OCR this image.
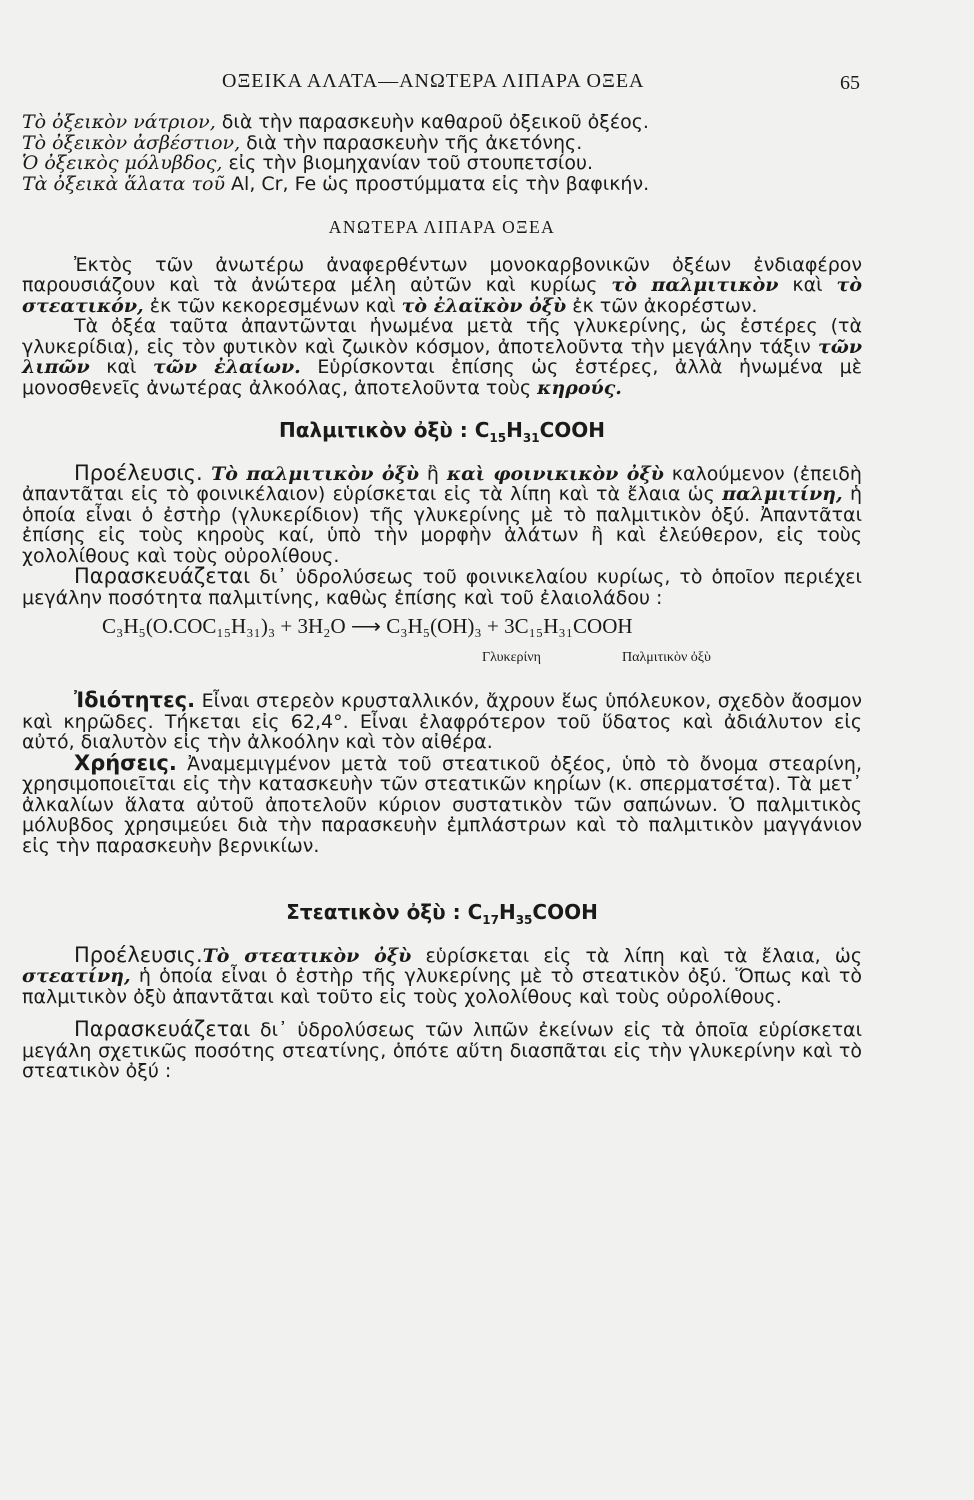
ΟΞΕΙΚΑ ΑΛΑΤΑ—ΑΝΩΤΕΡΑ ΛΙΠΑΡΑ ΟΞΕΑ	65

Τὸ ὀξεικὸν νάτριον, διὰ τὴν παρασκευὴν καθαροῦ ὀξεικοῦ ὀξέος.

Τὸ ὀξεικὸν ἀσβέστιον, διὰ τὴν παρασκευὴν τῆς ἀκετόνης.

Ὁ ὀξεικὸς μόλυβδος, εἰς τὴν βιομηχανίαν τοῦ στουπετσίου.

Τὰ ὀξεικὰ ἅλατα τοῦ Al, Cr, Fe ὡς προστύμματα εἰς τὴν βαφικήν.

ΑΝΩΤΕΡΑ ΛΙΠΑΡΑ ΟΞΕΑ

Ἐκτὸς τῶν ἀνωτέρω ἀναφερθέντων μονοκαρβονικῶν ὀξέων ἐνδιαφέρον παρουσιάζουν καὶ τὰ ἀνώτερα μέλη αὐτῶν καὶ κυρίως τὸ παλμιτικὸν καὶ τὸ στεατικόν, ἐκ τῶν κεκορεσμένων καὶ τὸ ἐλαϊκὸν ὀξὺ ἐκ τῶν ἀκορέστων.

Τὰ ὀξέα ταῦτα ἀπαντῶνται ἡνωμένα μετὰ τῆς γλυκερίνης, ὡς ἐστέρες (τὰ γλυκερίδια), εἰς τὸν φυτικὸν καὶ ζωικὸν κόσμον, ἀποτελοῦντα τὴν μεγάλην τάξιν τῶν λιπῶν καὶ τῶν ἐλαίων. Εὑρίσκονται ἐπίσης ὡς ἐστέρες, ἀλλὰ ἡνωμένα μὲ μονοσθενεῖς ἀνωτέρας ἀλκοόλας, ἀποτελοῦντα τοὺς κηρούς.

Παλμιτικὸν ὀξὺ : $C_{15}H_{31}COOH$

Προέλευσις. Τὸ παλμιτικὸν ὀξὺ ἢ καὶ φοινικικὸν ὀξὺ καλούμενον (ἐπειδὴ ἀπαντᾶται εἰς τὸ φοινικέλαιον) εὑρίσκεται εἰς τὰ λίπη καὶ τὰ ἔλαια ὡς παλμιτίνη, ἡ ὁποία εἶναι ὁ ἐστὴρ (γλυκερίδιον) τῆς γλυκερίνης μὲ τὸ παλμιτικὸν ὀξύ. Ἀπαντᾶται ἐπίσης εἰς τοὺς κηροὺς καί, ὑπὸ τὴν μορφὴν ἀλάτων ἢ καὶ ἐλεύθερον, εἰς τοὺς χολολίθους καὶ τοὺς οὐρολίθους.

Παρασκευάζεται δι᾽ ὑδρολύσεως τοῦ φοινικελαίου κυρίως, τὸ ὁποῖον περιέχει μεγάλην ποσότητα παλμιτίνης, καθὼς ἐπίσης καὶ τοῦ ἐλαιολάδου :

C₃H₅(O.COC₁₅H₃₁)₃ + 3H₂O ⟶ C₃H₅(OH)₃ + 3C₁₅H₃₁COOH
Γλυκερίνη	Παλμιτικὸν ὀξὺ

Ἰδιότητες. Εἶναι στερεὸν κρυσταλλικόν, ἄχρουν ἕως ὑπόλευκον, σχεδὸν ἄοσμον καὶ κηρῶδες. Τήκεται εἰς 62,4°. Εἶναι ἐλαφρότερον τοῦ ὕδατος καὶ ἀδιάλυτον εἰς αὐτό, διαλυτὸν εἰς τὴν ἀλκοόλην καὶ τὸν αἰθέρα.

Χρήσεις. Ἀναμεμιγμένον μετὰ τοῦ στεατικοῦ ὀξέος, ὑπὸ τὸ ὄνομα στεαρίνη, χρησιμοποιεῖται εἰς τὴν κατασκευὴν τῶν στεατικῶν κηρίων (κ. σπερματσέτα). Τὰ μετ᾽ ἀλκαλίων ἅλατα αὐτοῦ ἀποτελοῦν κύριον συστατικὸν τῶν σαπώνων. Ὁ παλμιτικὸς μόλυβδος χρησιμεύει διὰ τὴν παρασκευὴν ἐμπλάστρων καὶ τὸ παλμιτικὸν μαγγάνιον εἰς τὴν παρασκευὴν βερνικίων.

Στεατικὸν ὀξὺ : $C_{17}H_{35}COOH$

Προέλευσις.Τὸ στεατικὸν ὀξὺ εὑρίσκεται εἰς τὰ λίπη καὶ τὰ ἔλαια, ὡς στεατίνη, ἡ ὁποία εἶναι ὁ ἐστὴρ τῆς γλυκερίνης μὲ τὸ στεατικὸν ὀξύ. Ὅπως καὶ τὸ παλμιτικὸν ὀξὺ ἀπαντᾶται καὶ τοῦτο εἰς τοὺς χολολίθους καὶ τοὺς οὐρολίθους.

Παρασκευάζεται δι᾽ ὑδρολύσεως τῶν λιπῶν ἐκείνων εἰς τὰ ὁποῖα εὑρίσκεται μεγάλη σχετικῶς ποσότης στεατίνης, ὁπότε αὕτη διασπᾶται εἰς τὴν γλυκερίνην καὶ τὸ στεατικὸν ὀξύ :
